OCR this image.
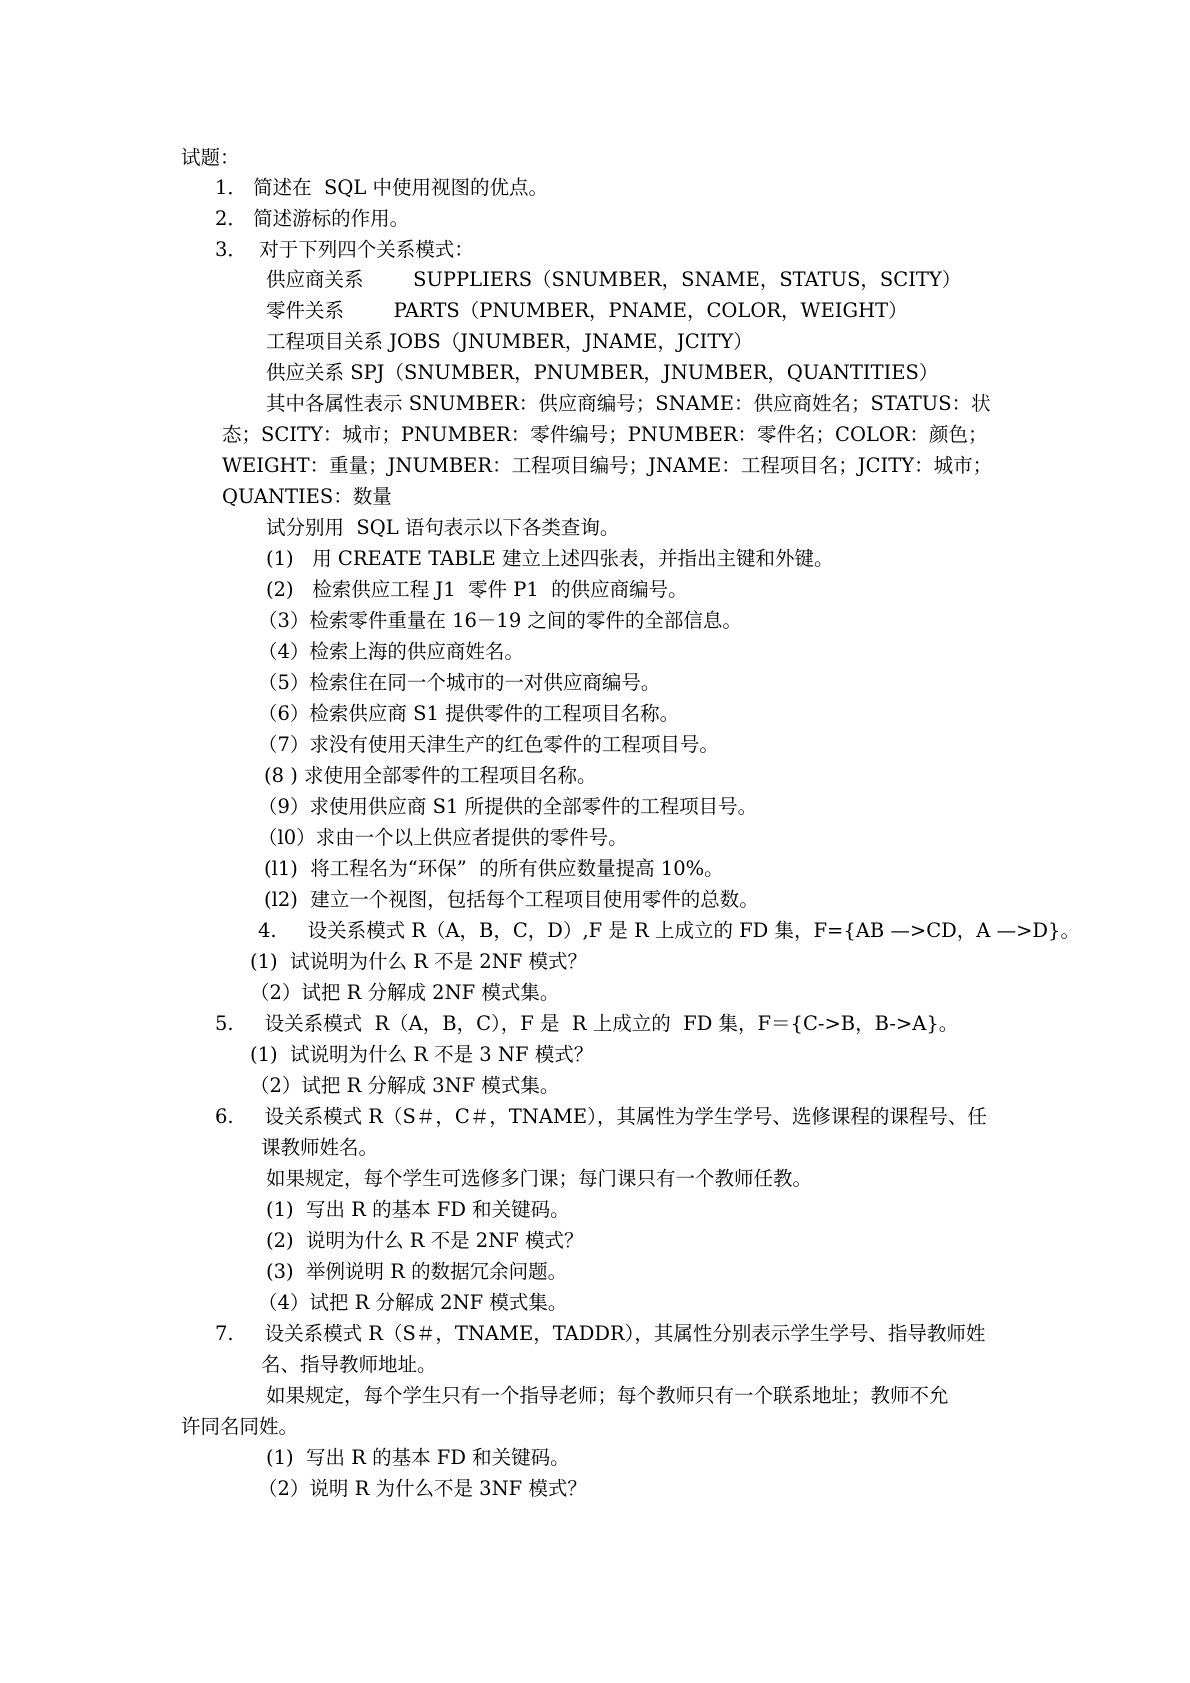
试题：
1． 简述在  SQL 中使用视图的优点。
2． 简述游标的作用。
3．  对于下列四个关系模式：
供应商关系        SUPPLIERS（SNUMBER，SNAME，STATUS，SCITY）
零件关系        PARTS（PNUMBER，PNAME，COLOR，WEIGHT）
工程项目关系 JOBS（JNUMBER，JNAME，JCITY）
供应关系 SPJ（SNUMBER，PNUMBER，JNUMBER，QUANTITIES）
其中各属性表示 SNUMBER：供应商编号；SNAME：供应商姓名；STATUS：状
态；SCITY：城市；PNUMBER：零件编号；PNUMBER：零件名；COLOR：颜色；
WEIGHT：重量；JNUMBER：工程项目编号；JNAME：工程项目名；JCITY：城市；
QUANTIES：数量
试分别用  SQL 语句表示以下各类查询。
(1)   用 CREATE TABLE 建立上述四张表，并指出主键和外键。
(2)   检索供应工程 J1  零件 P1  的供应商编号。
（3）检索零件重量在 16－19 之间的零件的全部信息。
（4）检索上海的供应商姓名。
（5）检索住在同一个城市的一对供应商编号。
（6）检索供应商 S1 提供零件的工程项目名称。
（7）求没有使用天津生产的红色零件的工程项目号。
(8 ) 求使用全部零件的工程项目名称。
（9）求使用供应商 S1 所提供的全部零件的工程项目号。
（l0）求由一个以上供应者提供的零件号。
(l1)  将工程名为“环保”  的所有供应数量提高 10%。
(l2)  建立一个视图，包括每个工程项目使用零件的总数。
4.     设关系模式 R（A，B，C，D）,F 是 R 上成立的 FD 集，F={AB —>CD，A —>D}。
(1)  试说明为什么 R 不是 2NF 模式？
（2）试把 R 分解成 2NF 模式集。
5.     设关系模式  R（A，B，C），F 是  R 上成立的  FD 集，F＝{C->B，B->A}。
(1)  试说明为什么 R 不是 3 NF 模式？
（2）试把 R 分解成 3NF 模式集。
6.     设关系模式 R（S＃，C＃，TNAME），其属性为学生学号、选修课程的课程号、任
课教师姓名。
如果规定，每个学生可选修多门课；每门课只有一个教师任教。
(1)  写出 R 的基本 FD 和关键码。
(2)  说明为什么 R 不是 2NF 模式？
(3)  举例说明 R 的数据冗余问题。
（4）试把 R 分解成 2NF 模式集。
7.     设关系模式 R（S＃，TNAME，TADDR），其属性分别表示学生学号、指导教师姓
名、指导教师地址。
如果规定，每个学生只有一个指导老师；每个教师只有一个联系地址；教师不允
许同名同姓。
(1)  写出 R 的基本 FD 和关键码。
（2）说明 R 为什么不是 3NF 模式？
